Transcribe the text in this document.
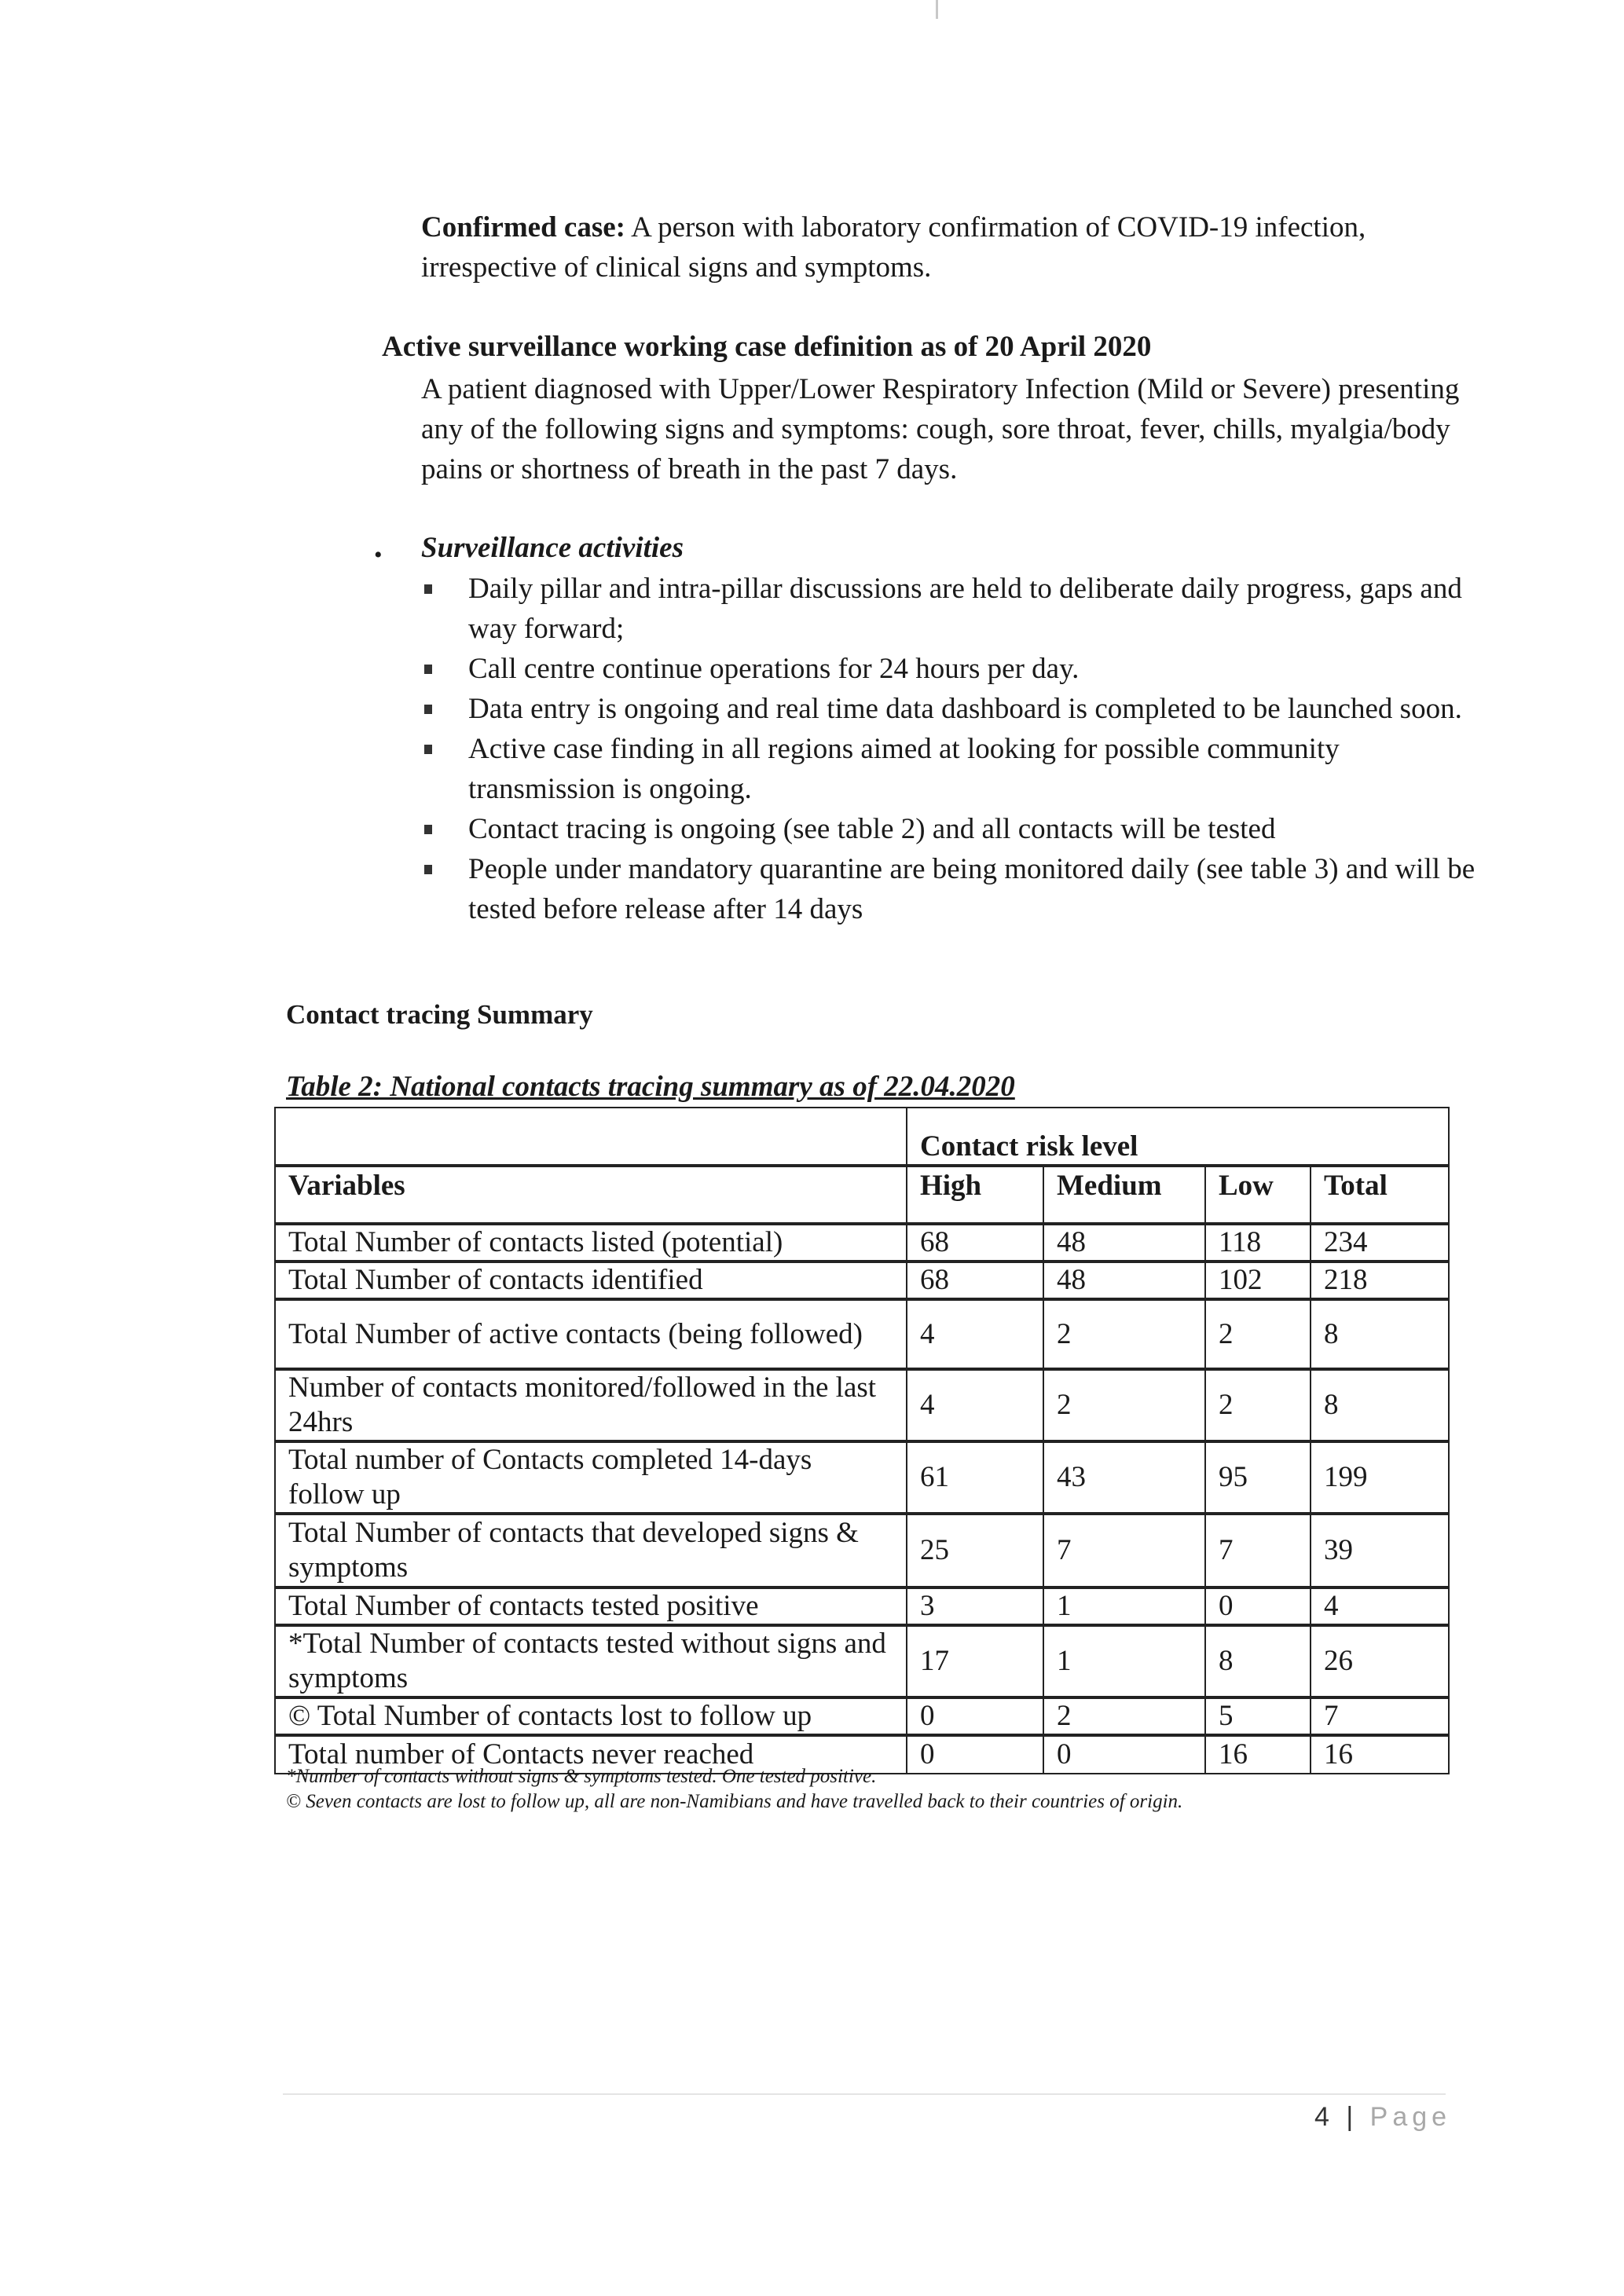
Confirmed case: A person with laboratory confirmation of COVID-19 infection, irrespective of clinical signs and symptoms.
Active surveillance working case definition as of 20 April 2020
A patient diagnosed with Upper/Lower Respiratory Infection (Mild or Severe) presenting any of the following signs and symptoms: cough, sore throat, fever, chills, myalgia/body pains or shortness of breath in the past 7 days.
• Surveillance activities
Daily pillar and intra-pillar discussions are held to deliberate daily progress, gaps and way forward;
Call centre continue operations for 24 hours per day.
Data entry is ongoing and real time data dashboard is completed to be launched soon.
Active case finding in all regions aimed at looking for possible community transmission is ongoing.
Contact tracing is ongoing (see table 2) and all contacts will be tested
People under mandatory quarantine are being monitored daily (see table 3) and will be tested before release after 14 days
Contact tracing Summary
Table 2: National contacts tracing summary as of 22.04.2020
	Contact risk level			
Variables	High	Medium	Low	Total
Total Number of contacts listed (potential)	68	48	118	234
Total Number of contacts identified	68	48	102	218
Total Number of active contacts (being followed)	4	2	2	8
Number of contacts monitored/followed in the last 24hrs	4	2	2	8
Total number of Contacts completed 14-days follow up	61	43	95	199
Total Number of contacts that developed signs & symptoms	25	7	7	39
Total Number of contacts tested positive	3	1	0	4
*Total Number of contacts tested without signs and symptoms	17	1	8	26
© Total Number of contacts lost to follow up	0	2	5	7
Total number of Contacts never reached	0	0	16	16
*Number of contacts without signs & symptoms tested. One tested positive.
© Seven contacts are lost to follow up, all are non-Namibians and have travelled back to their countries of origin.
4 | Page
